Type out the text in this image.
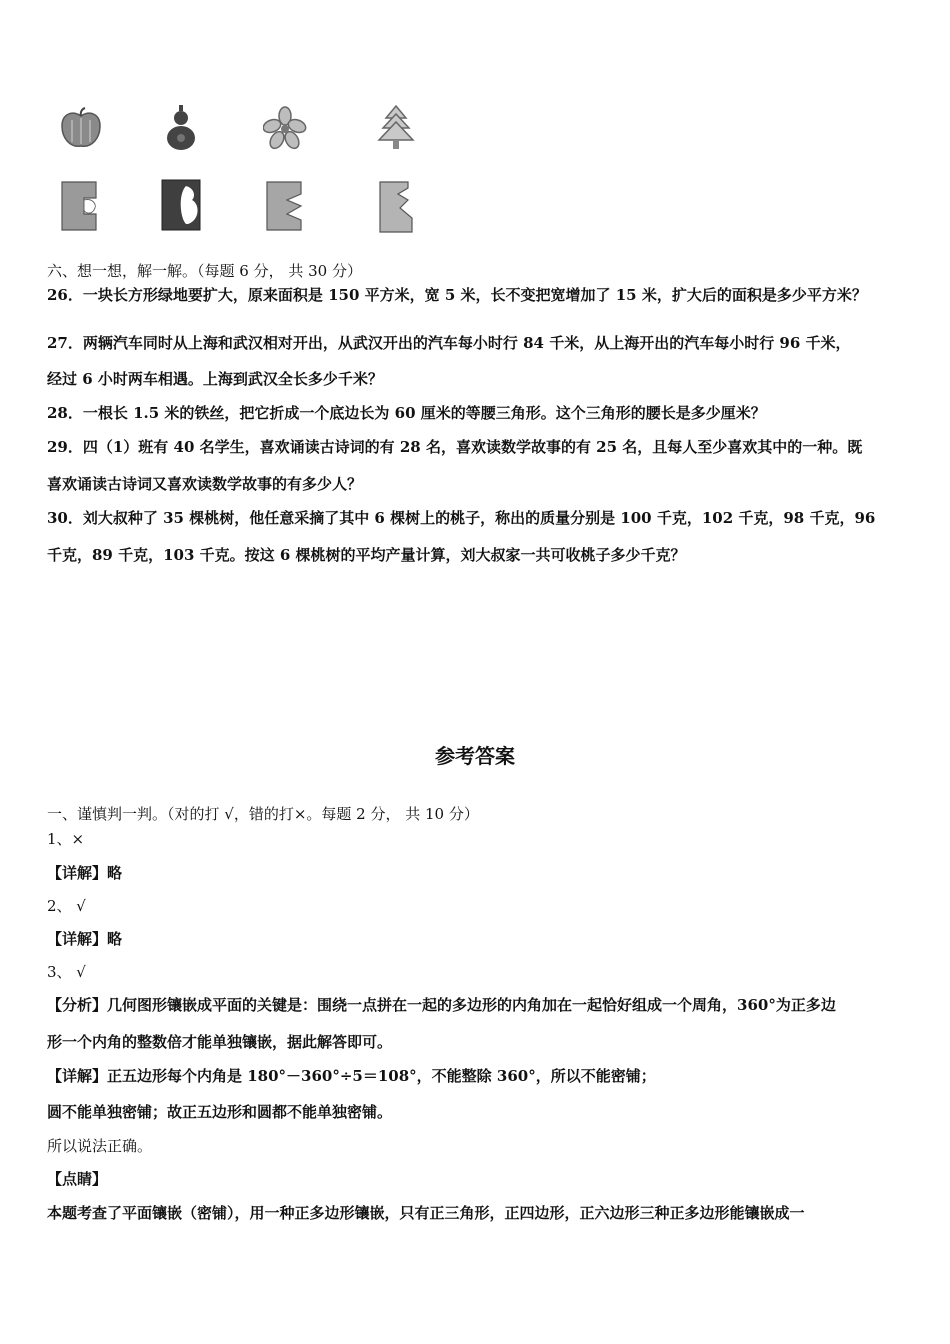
六、想一想，解一解。（每题 6 分， 共 30 分）
26．一块长方形绿地要扩大，原来面积是 150 平方米，宽 5 米，长不变把宽增加了 15 米，扩大后的面积是多少平方米？
27．两辆汽车同时从上海和武汉相对开出，从武汉开出的汽车每小时行 84 千米，从上海开出的汽车每小时行 96 千米，
经过 6 小时两车相遇。上海到武汉全长多少千米？
28．一根长 1.5 米的铁丝，把它折成一个底边长为 60 厘米的等腰三角形。这个三角形的腰长是多少厘米？
29．四（1）班有 40 名学生，喜欢诵读古诗词的有 28 名，喜欢读数学故事的有 25 名，且每人至少喜欢其中的一种。既
喜欢诵读古诗词又喜欢读数学故事的有多少人？
30．刘大叔种了 35 棵桃树，他任意采摘了其中 6 棵树上的桃子，称出的质量分别是 100 千克，102 千克，98 千克，96
千克，89 千克，103 千克。按这 6 棵桃树的平均产量计算，刘大叔家一共可收桃子多少千克？
参考答案
一、谨慎判一判。（对的打 √，错的打×。每题 2 分， 共 10 分）
1、×
【详解】略
2、 √
【详解】略
3、 √
【分析】几何图形镶嵌成平面的关键是：围绕一点拼在一起的多边形的内角加在一起恰好组成一个周角，360°为正多边
形一个内角的整数倍才能单独镶嵌，据此解答即可。
【详解】正五边形每个内角是 180°－360°÷5＝108°，不能整除 360°，所以不能密铺；
圆不能单独密铺；故正五边形和圆都不能单独密铺。
所以说法正确。
【点睛】
本题考查了平面镶嵌（密铺），用一种正多边形镶嵌，只有正三角形，正四边形，正六边形三种正多边形能镶嵌成一
